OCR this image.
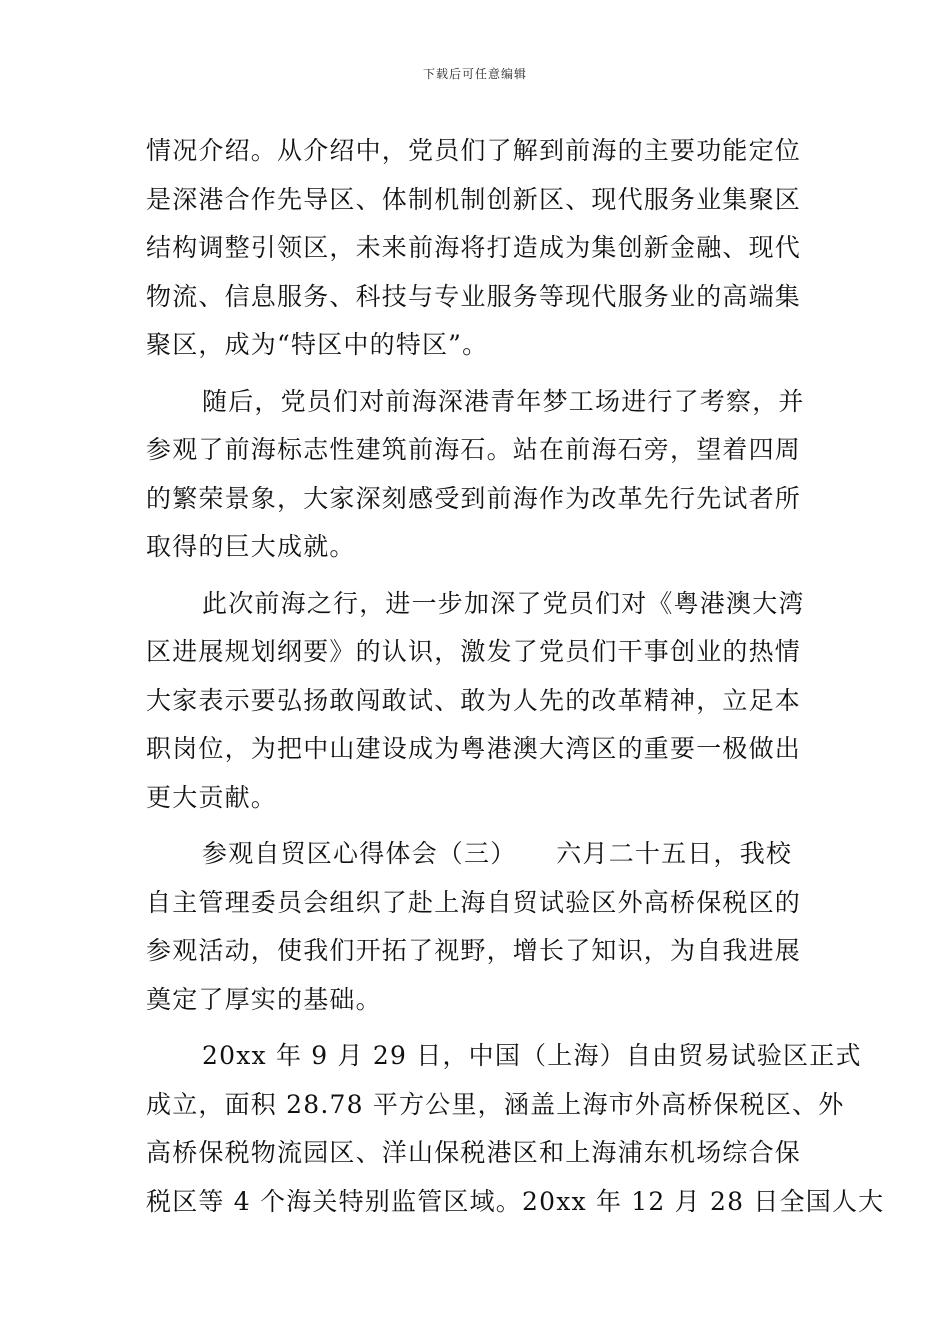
下载后可任意编辑
情况介绍。从介绍中，党员们了解到前海的主要功能定位
是深港合作先导区、体制机制创新区、现代服务业集聚区
结构调整引领区，未来前海将打造成为集创新金融、现代
物流、信息服务、科技与专业服务等现代服务业的高端集
聚区，成为“特区中的特区”。
随后，党员们对前海深港青年梦工场进行了考察，并
参观了前海标志性建筑前海石。站在前海石旁，望着四周
的繁荣景象，大家深刻感受到前海作为改革先行先试者所
取得的巨大成就。
此次前海之行，进一步加深了党员们对《粤港澳大湾
区进展规划纲要》的认识，激发了党员们干事创业的热情
大家表示要弘扬敢闯敢试、敢为人先的改革精神，立足本
职岗位，为把中山建设成为粤港澳大湾区的重要一极做出
更大贡献。
参观自贸区心得体会（三）　　六月二十五日，我校
自主管理委员会组织了赴上海自贸试验区外高桥保税区的
参观活动，使我们开拓了视野，增长了知识，为自我进展
奠定了厚实的基础。
20xx 年 9 月 29 日，中国（上海）自由贸易试验区正式
成立，面积 28.78 平方公里，涵盖上海市外高桥保税区、外
高桥保税物流园区、洋山保税港区和上海浦东机场综合保
税区等 4 个海关特别监管区域。20xx 年 12 月 28 日全国人大
